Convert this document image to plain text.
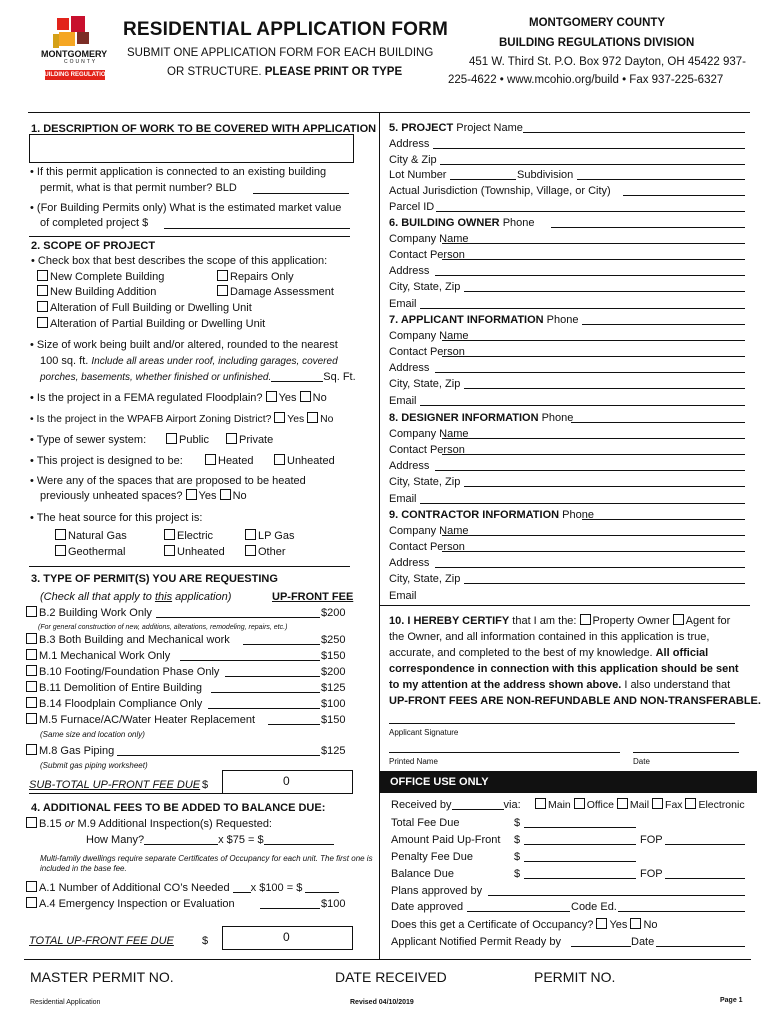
MONTGOMERY
COUNTY
BUILDING REGULATIONS
RESIDENTIAL APPLICATION FORM
SUBMIT ONE APPLICATION FORM FOR EACH BUILDING
OR STRUCTURE. PLEASE PRINT OR TYPE
MONTGOMERY COUNTY
BUILDING REGULATIONS DIVISION
451 W. Third St. P.O. Box 972 Dayton, OH 45422 937-
225-4622 • www.mcohio.org/build • Fax 937-225-6327
1. DESCRIPTION OF WORK TO BE COVERED WITH APPLICATION
• If this permit application is connected to an existing building
permit, what is that permit number? BLD
• (For Building Permits only) What is the estimated market value
of completed project $
2. SCOPE OF PROJECT
• Check box that best describes the scope of this application:
New Complete Building	Repairs Only
New Building Addition	Damage Assessment
Alteration of Full Building or Dwelling Unit
Alteration of Partial Building or Dwelling Unit
• Size of work being built and/or altered, rounded to the nearest
100 sq. ft. Include all areas under roof, including garages, covered
porches, basements, whether finished or unfinished.	Sq. Ft.
• Is the project in a FEMA regulated Floodplain? Yes No
• Is the project in the WPAFB Airport Zoning District? Yes No
• Type of sewer system:	Public	Private
• This project is designed to be:	Heated	Unheated
• Were any of the spaces that are proposed to be heated
previously unheated spaces? Yes No
• The heat source for this project is:
Natural Gas	Electric	LP Gas
Geothermal	Unheated	Other
3. TYPE OF PERMIT(S) YOU ARE REQUESTING
(Check all that apply to this application)	UP-FRONT FEE
B.2 Building Work Only	$200
(For general construction of new, additions, alterations, remodeling, repairs, etc.)
B.3 Both Building and Mechanical work	$250
M.1 Mechanical Work Only	$150
B.10 Footing/Foundation Phase Only	$200
B.11 Demolition of Entire Building	$125
B.14 Floodplain Compliance Only	$100
M.5 Furnace/AC/Water Heater Replacement	$150
(Same size and location only)
M.8 Gas Piping	$125
(Submit gas piping worksheet)
SUB-TOTAL UP-FRONT FEE DUE $	0
4. ADDITIONAL FEES TO BE ADDED TO BALANCE DUE:
B.15 or M.9 Additional Inspection(s) Requested:
How Many?	x $75 = $
Multi-family dwellings require separate Certificates of Occupancy for each unit. The first one is
included in the base fee.
A.1 Number of Additional CO’s Needed x $100 = $
A.4 Emergency Inspection or Evaluation	$100
TOTAL UP-FRONT FEE DUE	$	0
5. PROJECT Project Name
Address
City & Zip
Lot Number	Subdivision
Actual Jurisdiction (Township, Village, or City)
Parcel ID
6. BUILDING OWNER Phone
Company Name
Contact Person
Address
City, State, Zip
Email
7. APPLICANT INFORMATION Phone
Company Name
Contact Person
Address
City, State, Zip
Email
8. DESIGNER INFORMATION Phone
Company Name
Contact Person
Address
City, State, Zip
Email
9. CONTRACTOR INFORMATION Phone
Company Name
Contact Person
Address
City, State, Zip
Email
10. I HEREBY CERTIFY that I am the: Property Owner Agent for
the Owner, and all information contained in this application is true,
accurate, and completed to the best of my knowledge. All official
correspondence in connection with this application should be sent
to my attention at the address shown above. I also understand that
UP-FRONT FEES ARE NON-REFUNDABLE AND NON-TRANSFERABLE.
Applicant Signature
Printed Name	Date
OFFICE USE ONLY
Received by	via:	Main Office Mail Fax Electronic
Total Fee Due	$
Amount Paid Up-Front $	FOP
Penalty Fee Due	$
Balance Due	$	FOP
Plans approved by
Date approved	Code Ed.
Does this get a Certificate of Occupancy? Yes No
Applicant Notified Permit Ready by	Date
MASTER PERMIT NO.	DATE RECEIVED	PERMIT NO.
Residential Application	Revised 04/10/2019	Page 1
